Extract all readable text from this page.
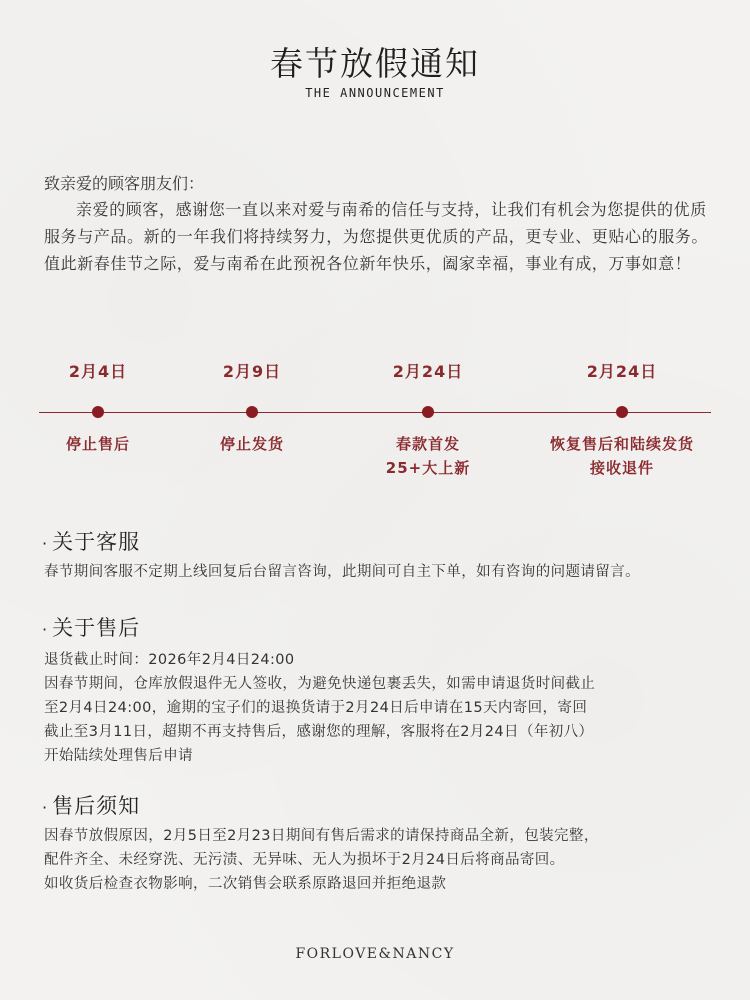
春节放假通知
THE ANNOUNCEMENT
致亲爱的顾客朋友们：
亲爱的顾客，感谢您一直以来对爱与南希的信任与支持，让我们有机会为您提供的优质服务与产品。新的一年我们将持续努力，为您提供更优质的产品，更专业、更贴心的服务。值此新春佳节之际，爱与南希在此预祝各位新年快乐，阖家幸福，事业有成，万事如意！
2月4日
停止售后
2月9日
停止发货
2月24日
春款首发
25+大上新
2月24日
恢复售后和陆续发货
接收退件
· 关于客服
春节期间客服不定期上线回复后台留言咨询，此期间可自主下单，如有咨询的问题请留言。
· 关于售后
退货截止时间：2026年2月4日24:00
因春节期间，仓库放假退件无人签收，为避免快递包裹丢失，如需申请退货时间截止
至2月4日24:00，逾期的宝子们的退换货请于2月24日后申请在15天内寄回，寄回
截止至3月11日，超期不再支持售后，感谢您的理解，客服将在2月24日（年初八）
开始陆续处理售后申请
· 售后须知
因春节放假原因，2月5日至2月23日期间有售后需求的请保持商品全新，包装完整，
配件齐全、未经穿洗、无污渍、无异味、无人为损坏于2月24日后将商品寄回。
如收货后检查衣物影响，二次销售会联系原路退回并拒绝退款
FORLOVE&NANCY
